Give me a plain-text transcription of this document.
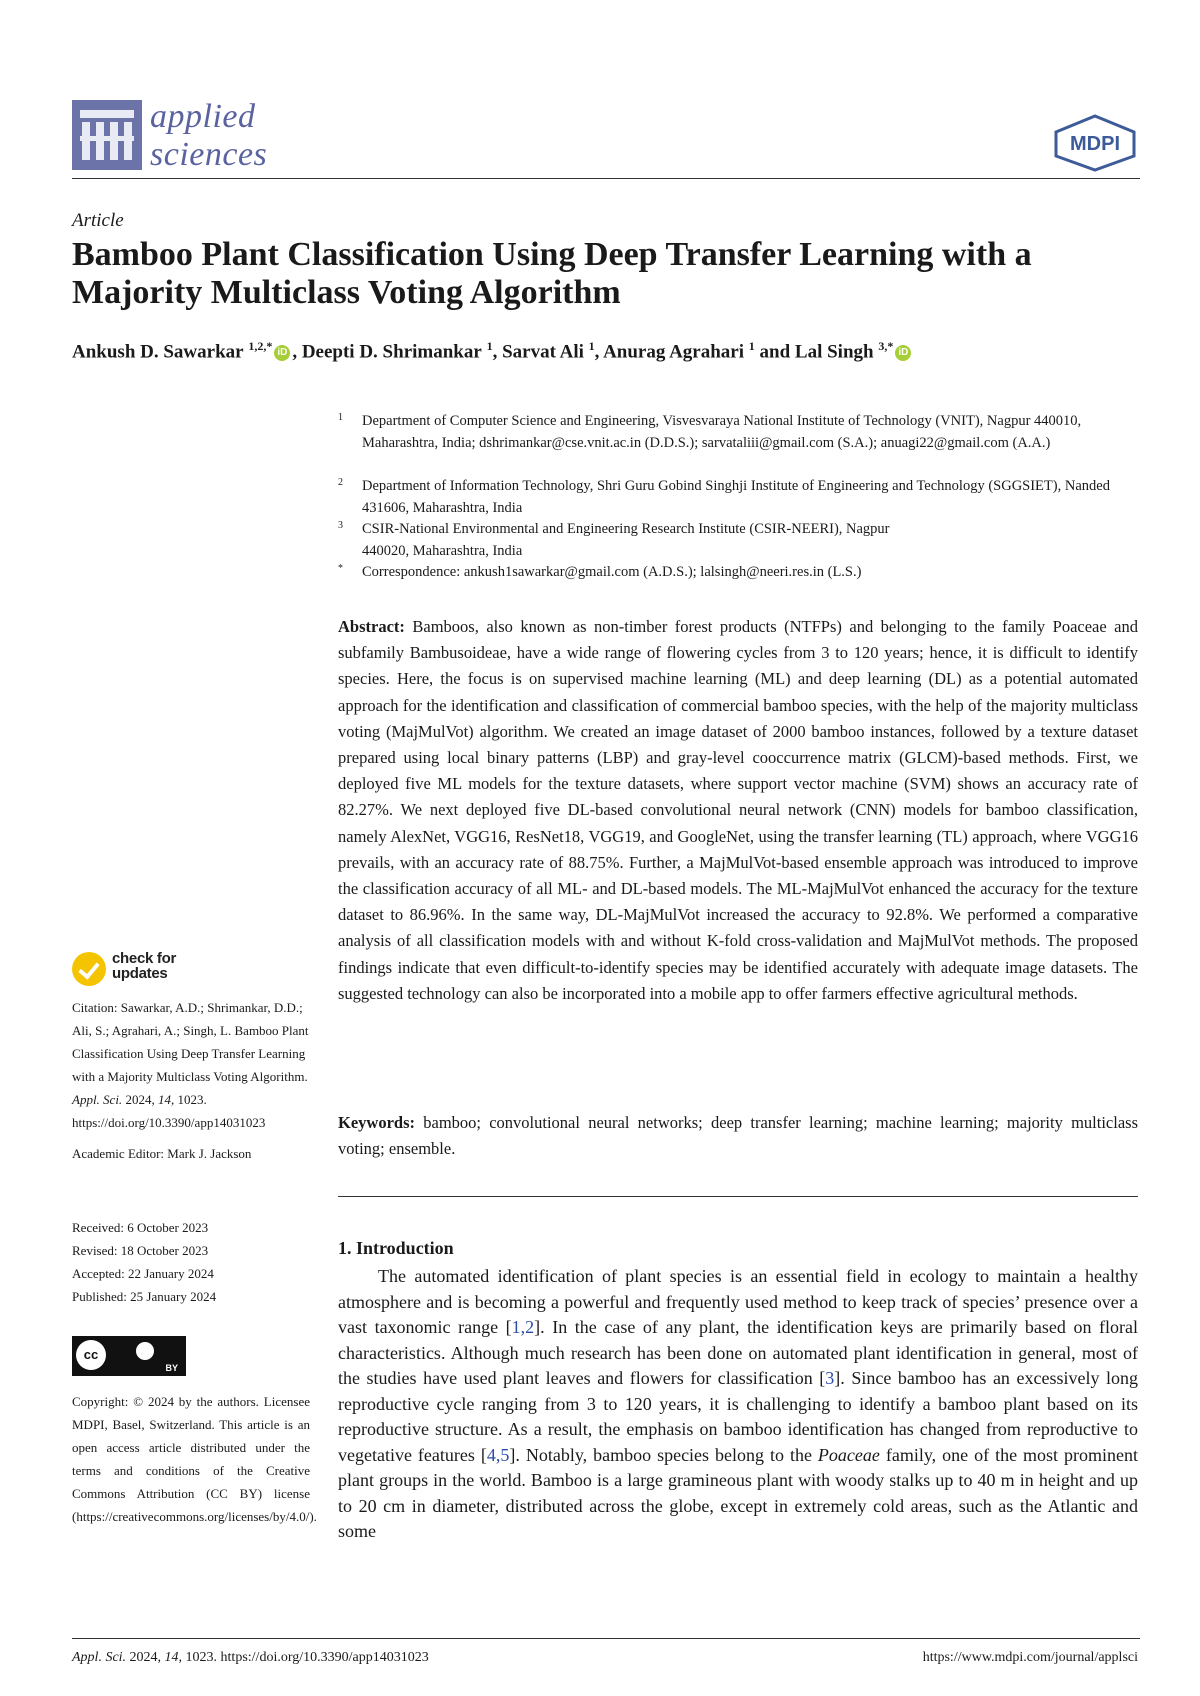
applied
sciences	MDPI
Article
Bamboo Plant Classification Using Deep Transfer Learning with a Majority Multiclass Voting Algorithm
Ankush D. Sawarkar $^{1,2,*}$ iD , Deepti D. Shrimankar $^1$, Sarvat Ali $^1$, Anurag Agrahari $^1$ and Lal Singh $^{3,*}$ iD
1 Department of Computer Science and Engineering, Visvesvaraya National Institute of Technology (VNIT), Nagpur 440010, Maharashtra, India; dshrimankar@cse.vnit.ac.in (D.D.S.); sarvataliii@gmail.com (S.A.); anuagi22@gmail.com (A.A.)
2 Department of Information Technology, Shri Guru Gobind Singhji Institute of Engineering and Technology (SGGSIET), Nanded 431606, Maharashtra, India
3 CSIR-National Environmental and Engineering Research Institute (CSIR-NEERI), Nagpur 440020, Maharashtra, India
* Correspondence: ankush1sawarkar@gmail.com (A.D.S.); lalsingh@neeri.res.in (L.S.)
Abstract: Bamboos, also known as non-timber forest products (NTFPs) and belonging to the family Poaceae and subfamily Bambusoideae, have a wide range of flowering cycles from 3 to 120 years; hence, it is difficult to identify species. Here, the focus is on supervised machine learning (ML) and deep learning (DL) as a potential automated approach for the identification and classification of commercial bamboo species, with the help of the majority multiclass voting (MajMulVot) algorithm. We created an image dataset of 2000 bamboo instances, followed by a texture dataset prepared using local binary patterns (LBP) and gray-level cooccurrence matrix (GLCM)-based methods. First, we deployed five ML models for the texture datasets, where support vector machine (SVM) shows an accuracy rate of 82.27%. We next deployed five DL-based convolutional neural network (CNN) models for bamboo classification, namely AlexNet, VGG16, ResNet18, VGG19, and GoogleNet, using the transfer learning (TL) approach, where VGG16 prevails, with an accuracy rate of 88.75%. Further, a MajMulVot-based ensemble approach was introduced to improve the classification accuracy of all ML- and DL-based models. The ML-MajMulVot enhanced the accuracy for the texture dataset to 86.96%. In the same way, DL-MajMulVot increased the accuracy to 92.8%. We performed a comparative analysis of all classification models with and without K-fold cross-validation and MajMulVot methods. The proposed findings indicate that even difficult-to-identify species may be identified accurately with adequate image datasets. The suggested technology can also be incorporated into a mobile app to offer farmers effective agricultural methods.
Keywords: bamboo; convolutional neural networks; deep transfer learning; machine learning; majority multiclass voting; ensemble.
1. Introduction
The automated identification of plant species is an essential field in ecology to maintain a healthy atmosphere and is becoming a powerful and frequently used method to keep track of species’ presence over a vast taxonomic range [1,2]. In the case of any plant, the identification keys are primarily based on floral characteristics. Although much research has been done on automated plant identification in general, most of the studies have used plant leaves and flowers for classification [3]. Since bamboo has an excessively long reproductive cycle ranging from 3 to 120 years, it is challenging to identify a bamboo plant based on its reproductive structure. As a result, the emphasis on bamboo identification has changed from reproductive to vegetative features [4,5]. Notably, bamboo species belong to the Poaceae family, one of the most prominent plant groups in the world. Bamboo is a large gramineous plant with woody stalks up to 40 m in height and up to 20 cm in diameter, distributed across the globe, except in extremely cold areas, such as the Atlantic and some
check for
updates
Citation: Sawarkar, A.D.; Shrimankar, D.D.; Ali, S.; Agrahari, A.; Singh, L. Bamboo Plant Classification Using Deep Transfer Learning with a Majority Multiclass Voting Algorithm. Appl. Sci. 2024, 14, 1023. https://doi.org/10.3390/app14031023
Academic Editor: Mark J. Jackson
Received: 6 October 2023
Revised: 18 October 2023
Accepted: 22 January 2024
Published: 25 January 2024
cc
BY
Copyright: © 2024 by the authors. Licensee MDPI, Basel, Switzerland. This article is an open access article distributed under the terms and conditions of the Creative Commons Attribution (CC BY) license (https://creativecommons.org/licenses/by/4.0/).
Appl. Sci. 2024, 14, 1023. https://doi.org/10.3390/app14031023	https://www.mdpi.com/journal/applsci
